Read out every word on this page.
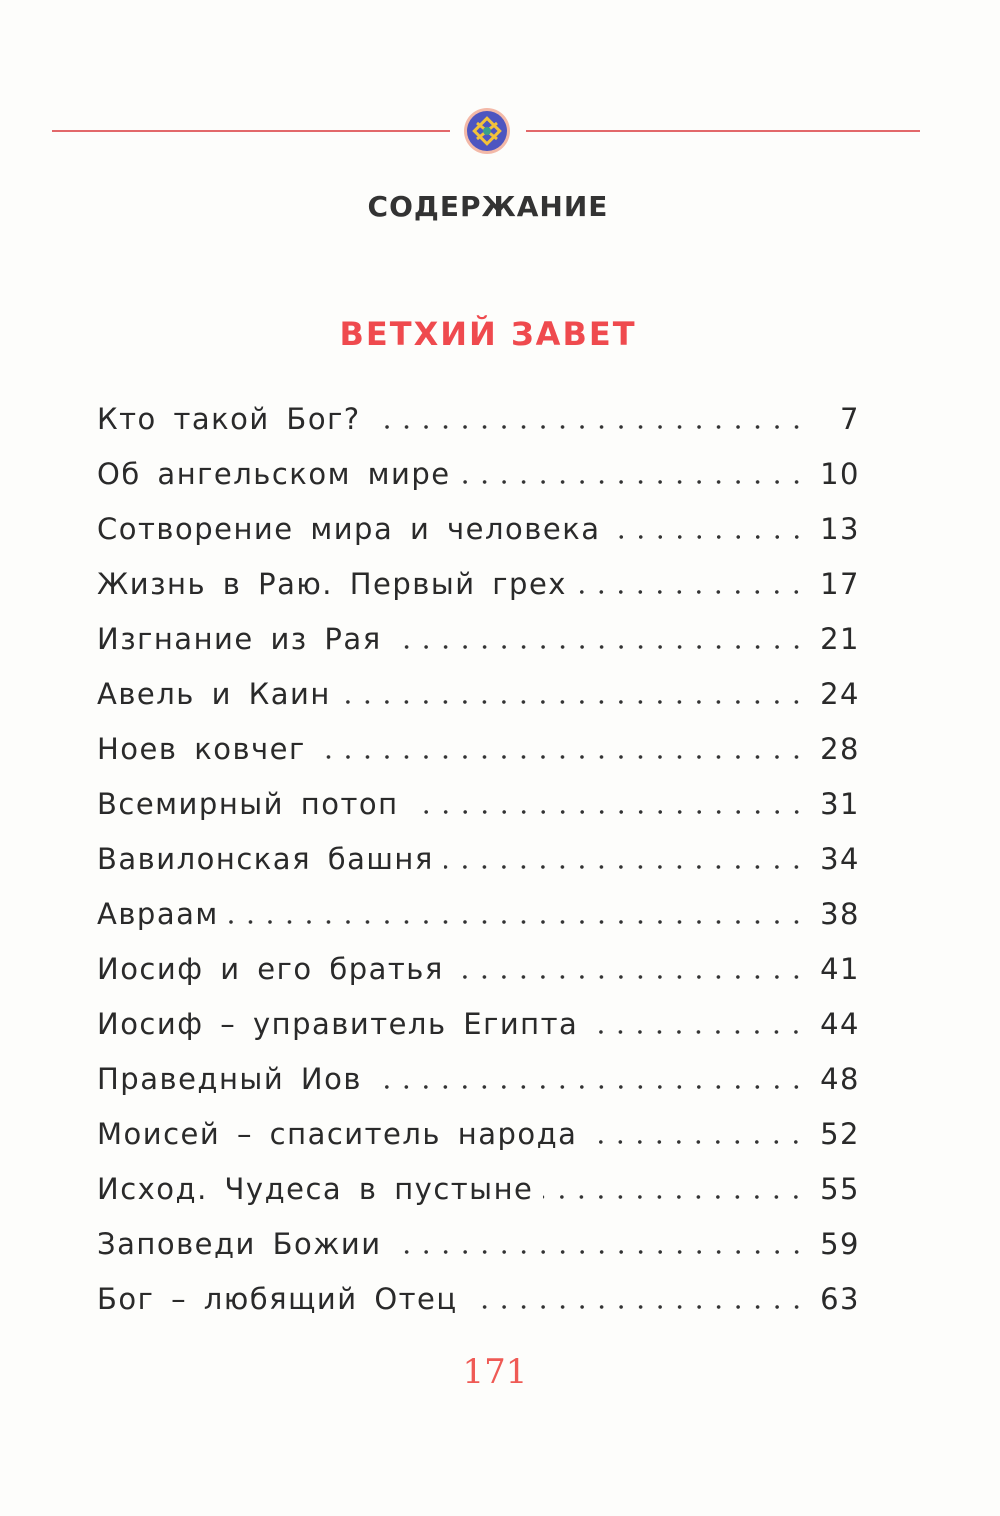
СОДЕРЖАНИЕ
ВЕТХИЙ ЗАВЕТ
Кто такой Бог?	7
Об ангельском мире	10
Сотворение мира и человека	13
Жизнь в Раю. Первый грех	17
Изгнание из Рая	21
Авель и Каин	24
Ноев ковчег	28
Всемирный потоп	31
Вавилонская башня	34
Авраам	38
Иосиф и его братья	41
Иосиф – управитель Египта	44
Праведный Иов	48
Моисей – спаситель народа	52
Исход. Чудеса в пустыне	55
Заповеди Божии	59
Бог – любящий Отец	63
171
